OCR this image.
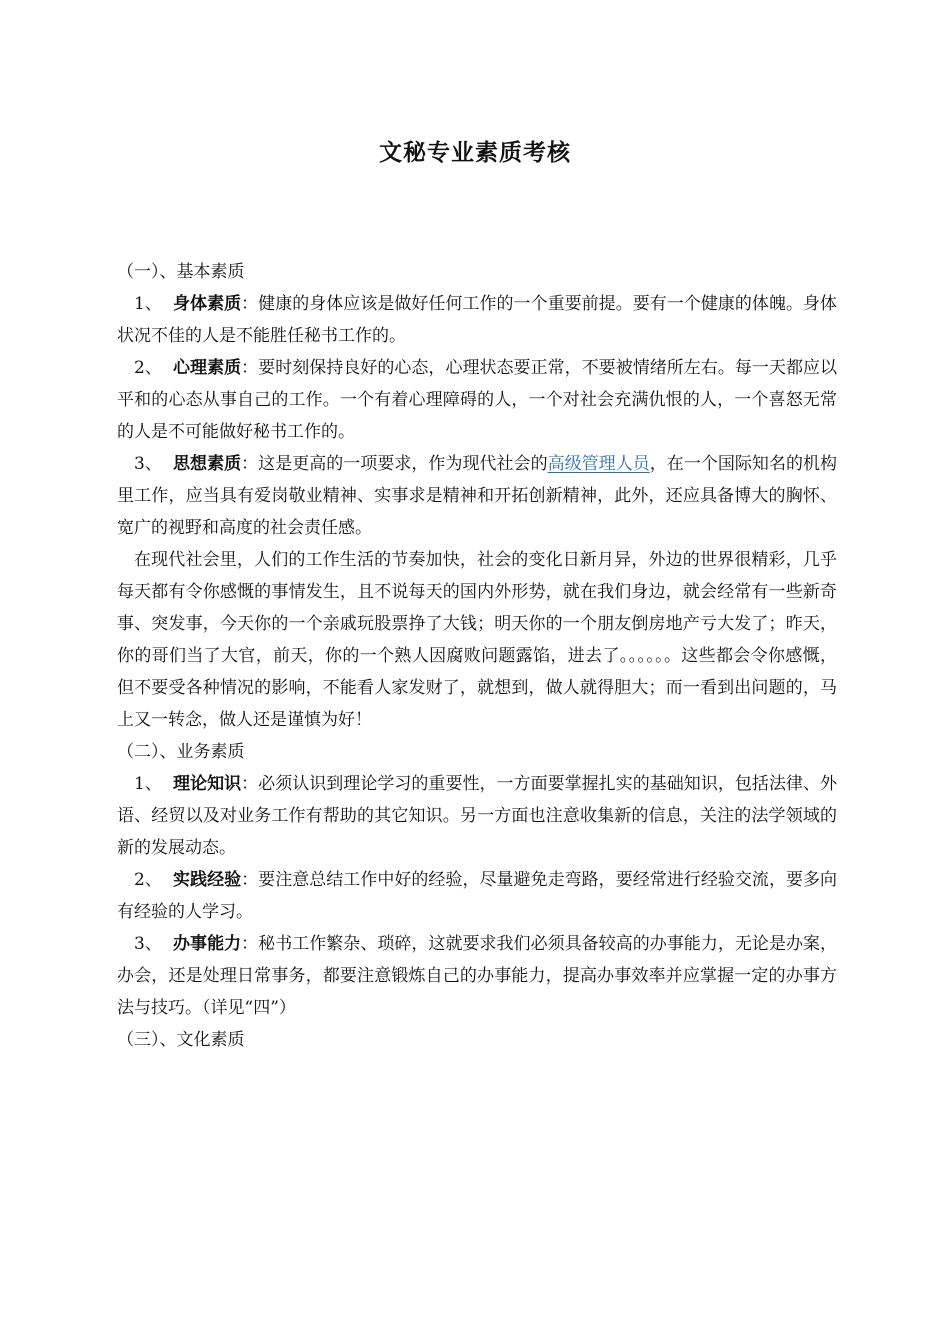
文秘专业素质考核

（一）、基本素质

1、 身体素质：健康的身体应该是做好任何工作的一个重要前提。要有一个健康的体魄。身体状况不佳的人是不能胜任秘书工作的。

2、 心理素质：要时刻保持良好的心态，心理状态要正常，不要被情绪所左右。每一天都应以平和的心态从事自己的工作。一个有着心理障碍的人，一个对社会充满仇恨的人，一个喜怒无常的人是不可能做好秘书工作的。

3、 思想素质：这是更高的一项要求，作为现代社会的高级管理人员，在一个国际知名的机构里工作，应当具有爱岗敬业精神、实事求是精神和开拓创新精神，此外，还应具备博大的胸怀、宽广的视野和高度的社会责任感。

在现代社会里，人们的工作生活的节奏加快，社会的变化日新月异，外边的世界很精彩，几乎每天都有令你感慨的事情发生，且不说每天的国内外形势，就在我们身边，就会经常有一些新奇事、突发事，今天你的一个亲戚玩股票挣了大钱；明天你的一个朋友倒房地产亏大发了；昨天，你的哥们当了大官，前天，你的一个熟人因腐败问题露馅，进去了。。。。。。这些都会令你感慨，但不要受各种情况的影响，不能看人家发财了，就想到，做人就得胆大；而一看到出问题的，马上又一转念，做人还是谨慎为好！

（二）、业务素质

1、 理论知识：必须认识到理论学习的重要性，一方面要掌握扎实的基础知识，包括法律、外语、经贸以及对业务工作有帮助的其它知识。另一方面也注意收集新的信息，关注的法学领域的新的发展动态。

2、 实践经验：要注意总结工作中好的经验，尽量避免走弯路，要经常进行经验交流，要多向有经验的人学习。

3、 办事能力：秘书工作繁杂、琐碎，这就要求我们必须具备较高的办事能力，无论是办案，办会，还是处理日常事务，都要注意锻炼自己的办事能力，提高办事效率并应掌握一定的办事方法与技巧。（详见“四”）

（三）、文化素质
